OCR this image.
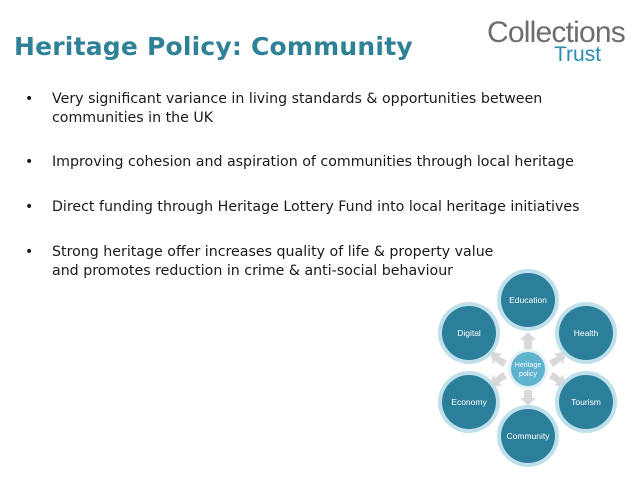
Heritage Policy: Community Collections
Trust
• Very significant variance in living standards & opportunities between
communities in the UK
• Improving cohesion and aspiration of communities through local heritage
• Direct funding through Heritage Lottery Fund into local heritage initiatives
• Strong heritage offer increases quality of life & property value
and promotes reduction in crime & anti-social behaviour
Education
Health
Tourism
Community
Economy
Digital
Heritage
policy
